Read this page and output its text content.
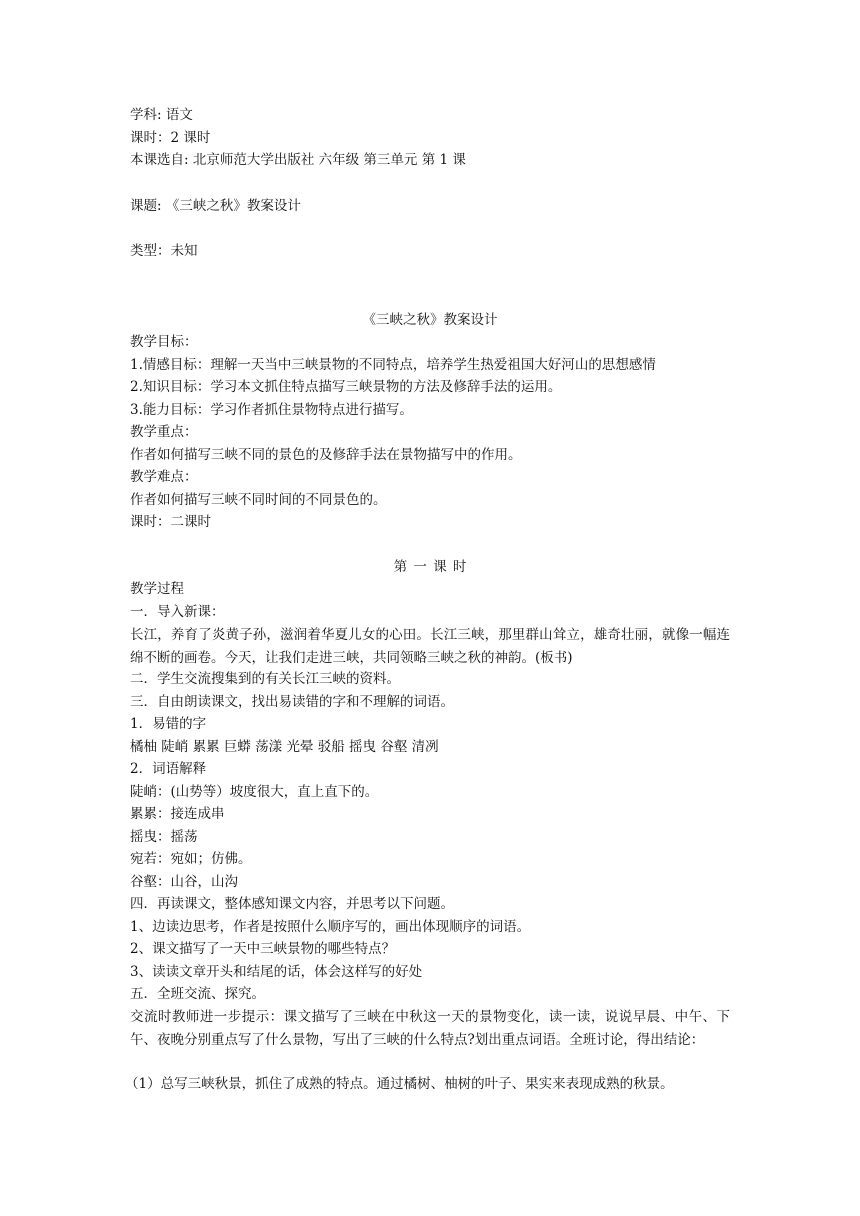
学科: 语文
课时：2 课时
本课选自: 北京师范大学出版社 六年级 第三单元 第 1 课
课题: 《三峡之秋》教案设计
类型：未知
《三峡之秋》教案设计
教学目标：
1.情感目标：理解一天当中三峡景物的不同特点，培养学生热爱祖国大好河山的思想感情
2.知识目标：学习本文抓住特点描写三峡景物的方法及修辞手法的运用。
3.能力目标：学习作者抓住景物特点进行描写。
教学重点：
作者如何描写三峡不同的景色的及修辞手法在景物描写中的作用。
教学难点：
作者如何描写三峡不同时间的不同景色的。
课时：二课时
第 一 课 时
教学过程
一．导入新课：
长江，养育了炎黄子孙，滋润着华夏儿女的心田。长江三峡，那里群山耸立，雄奇壮丽，就像一幅连绵不断的画卷。今天，让我们走进三峡，共同领略三峡之秋的神韵。(板书)
二．学生交流搜集到的有关长江三峡的资料。
三．自由朗读课文，找出易读错的字和不理解的词语。
1．易错的字
橘柚 陡峭 累累 巨蟒 荡漾 光晕 驳船 摇曳 谷壑 清冽
2．词语解释
陡峭：(山势等）坡度很大，直上直下的。
累累：接连成串
摇曳：摇荡
宛若：宛如；仿佛。
谷壑：山谷，山沟
四．再读课文，整体感知课文内容，并思考以下问题。
1、边读边思考，作者是按照什么顺序写的，画出体现顺序的词语。
2、课文描写了一天中三峡景物的哪些特点？
3、读读文章开头和结尾的话，体会这样写的好处
五．全班交流、探究。
交流时教师进一步提示：课文描写了三峡在中秋这一天的景物变化，读一读，说说早晨、中午、下午、夜晚分别重点写了什么景物，写出了三峡的什么特点?划出重点词语。全班讨论，得出结论：
（1）总写三峡秋景，抓住了成熟的特点。通过橘树、柚树的叶子、果实来表现成熟的秋景。
